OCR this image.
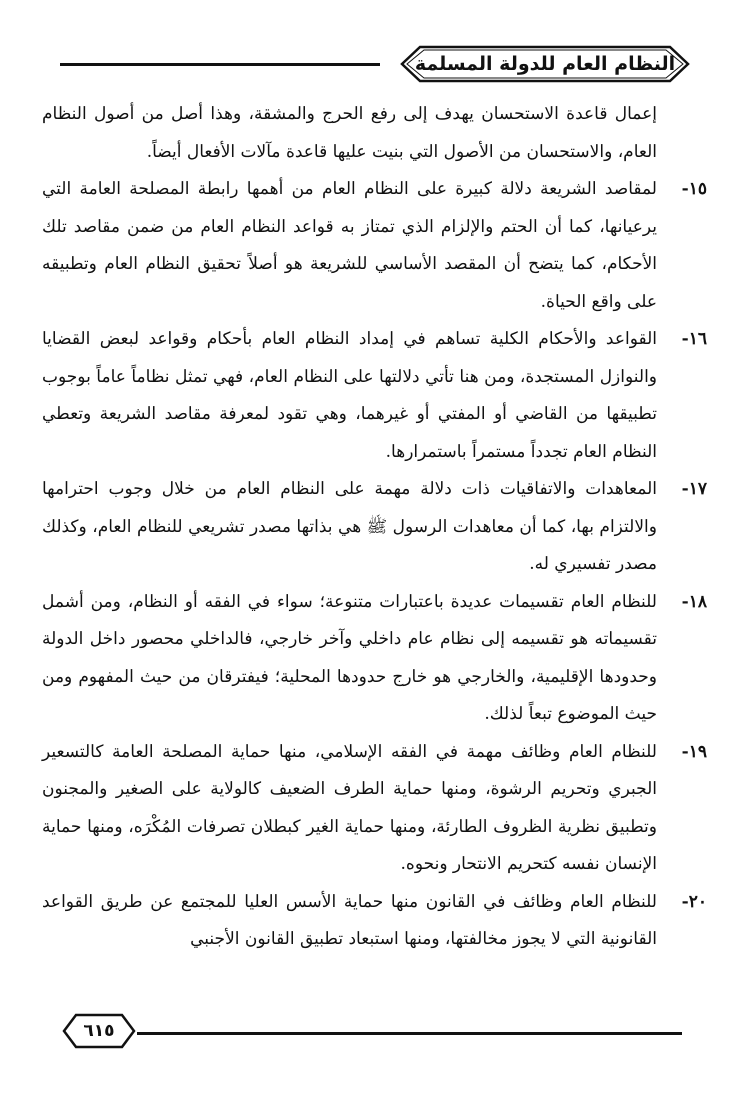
النظام العام للدولة المسلمة

إعمال قاعدة الاستحسان يهدف إلى رفع الحرج والمشقة، وهذا أصل من أصول النظام العام، والاستحسان من الأصول التي بنيت عليها قاعدة مآلات الأفعال أيضاً.

١٥-

لمقاصد الشريعة دلالة كبيرة على النظام العام من أهمها رابطة المصلحة العامة التي يرعيانها، كما أن الحتم والإلزام الذي تمتاز به قواعد النظام العام من ضمن مقاصد تلك الأحكام، كما يتضح أن المقصد الأساسي للشريعة هو أصلاً تحقيق النظام العام وتطبيقه على واقع الحياة.

١٦-

القواعد والأحكام الكلية تساهم في إمداد النظام العام بأحكام وقواعد لبعض القضايا والنوازل المستجدة، ومن هنا تأتي دلالتها على النظام العام، فهي تمثل نظاماً عاماً بوجوب تطبيقها من القاضي أو المفتي أو غيرهما، وهي تقود لمعرفة مقاصد الشريعة وتعطي النظام العام تجدداً مستمراً باستمرارها.

١٧-

المعاهدات والاتفاقيات ذات دلالة مهمة على النظام العام من خلال وجوب احترامها والالتزام بها، كما أن معاهدات الرسول ﷺ هي بذاتها مصدر تشريعي للنظام العام، وكذلك مصدر تفسيري له.

١٨-

للنظام العام تقسيمات عديدة باعتبارات متنوعة؛ سواء في الفقه أو النظام، ومن أشمل تقسيماته هو تقسيمه إلى نظام عام داخلي وآخر خارجي، فالداخلي محصور داخل الدولة وحدودها الإقليمية، والخارجي هو خارج حدودها المحلية؛ فيفترقان من حيث المفهوم ومن حيث الموضوع تبعاً لذلك.

١٩-

للنظام العام وظائف مهمة في الفقه الإسلامي، منها حماية المصلحة العامة كالتسعير الجبري وتحريم الرشوة، ومنها حماية الطرف الضعيف كالولاية على الصغير والمجنون وتطبيق نظرية الظروف الطارئة، ومنها حماية الغير كبطلان تصرفات المُكْرَه، ومنها حماية الإنسان نفسه كتحريم الانتحار ونحوه.

٢٠-

للنظام العام وظائف في القانون منها حماية الأسس العليا للمجتمع عن طريق القواعد القانونية التي لا يجوز مخالفتها، ومنها استبعاد تطبيق القانون الأجنبي

٦١٥
